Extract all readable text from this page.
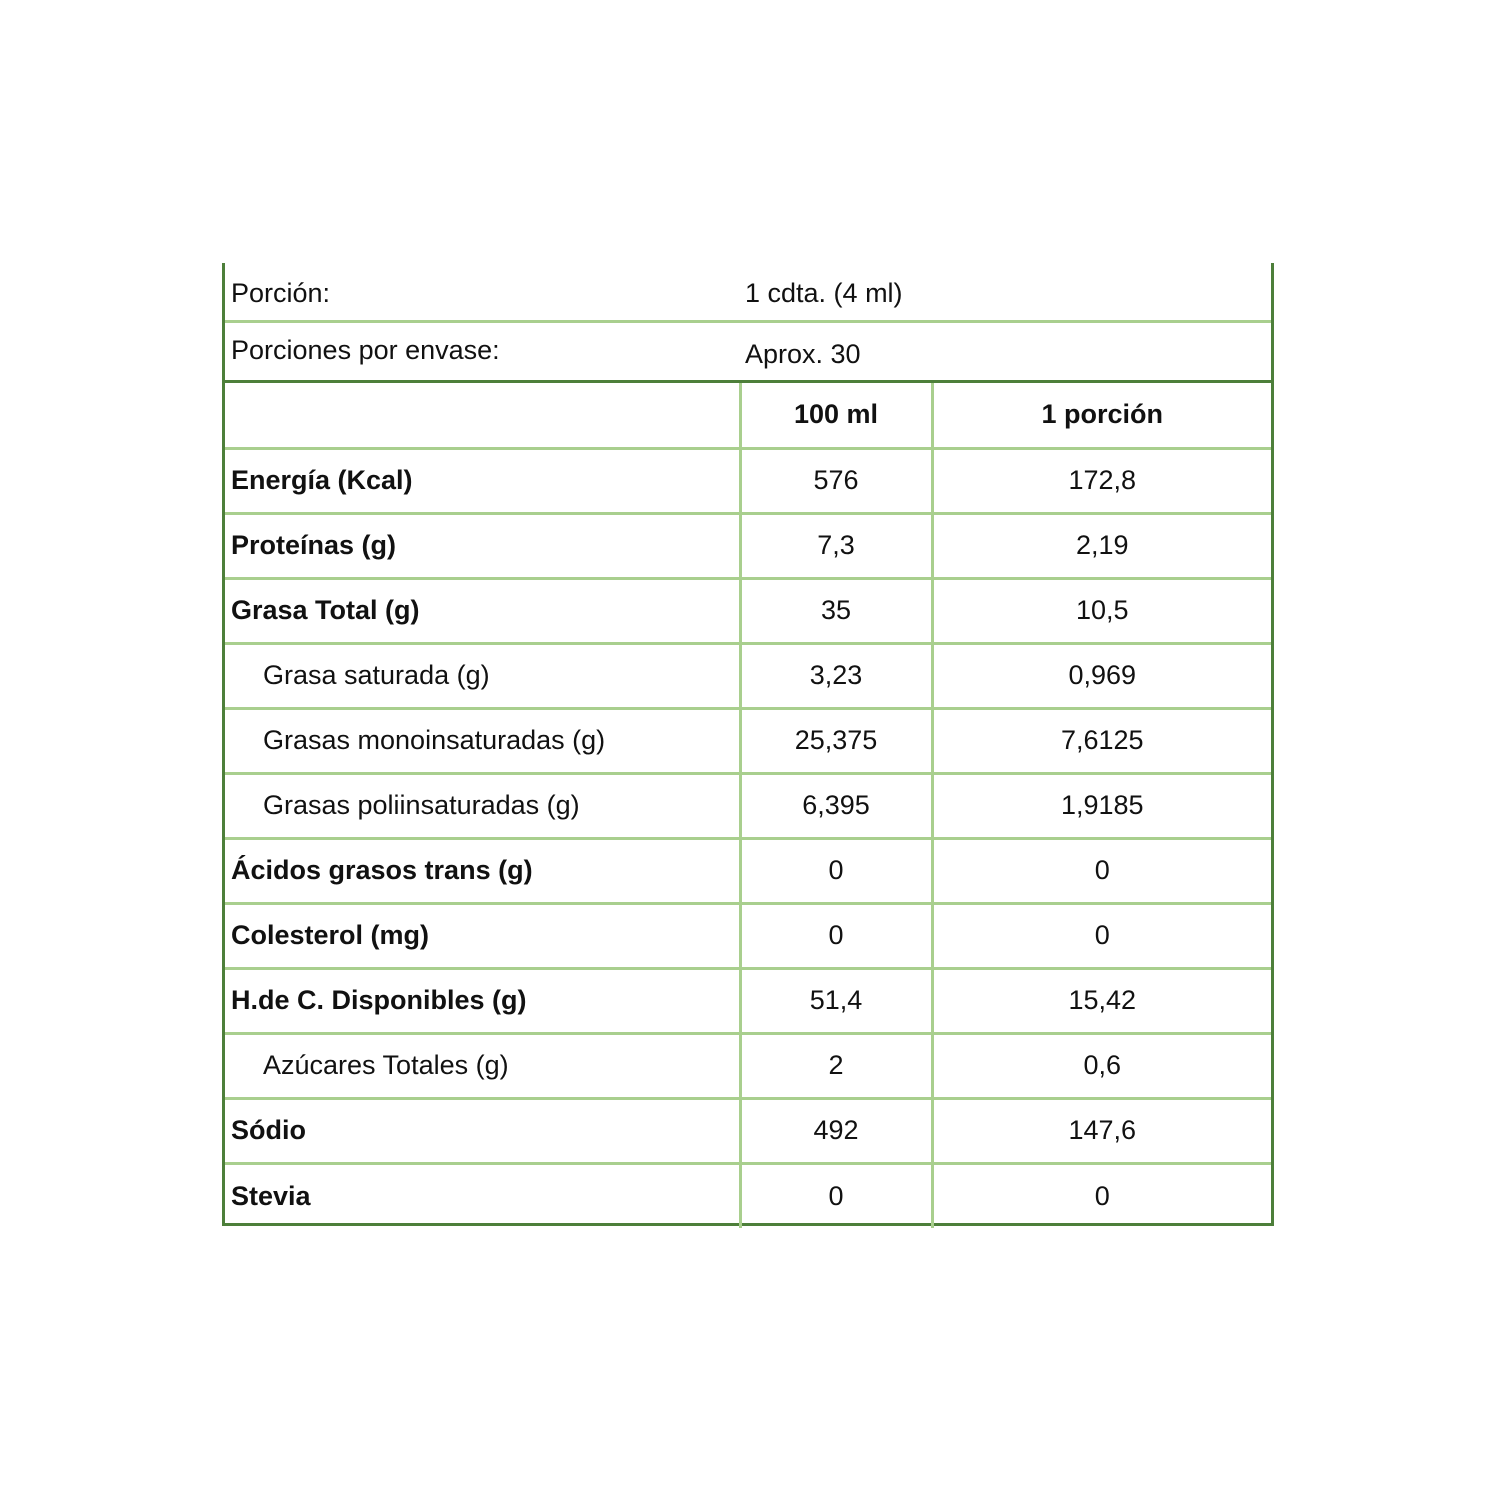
Porción:	1 cdta. (4 ml)
Porciones por envase:	Aprox. 30
	100 ml	1 porción
Energía (Kcal)	576	172,8
Proteínas (g)	7,3	2,19
Grasa Total (g)	35	10,5
Grasa saturada (g)	3,23	0,969
Grasas monoinsaturadas (g)	25,375	7,6125
Grasas poliinsaturadas (g)	6,395	1,9185
Ácidos grasos trans (g)	0	0
Colesterol (mg)	0	0
H.de C. Disponibles (g)	51,4	15,42
Azúcares Totales (g)	2	0,6
Sódio	492	147,6
Stevia	0	0
